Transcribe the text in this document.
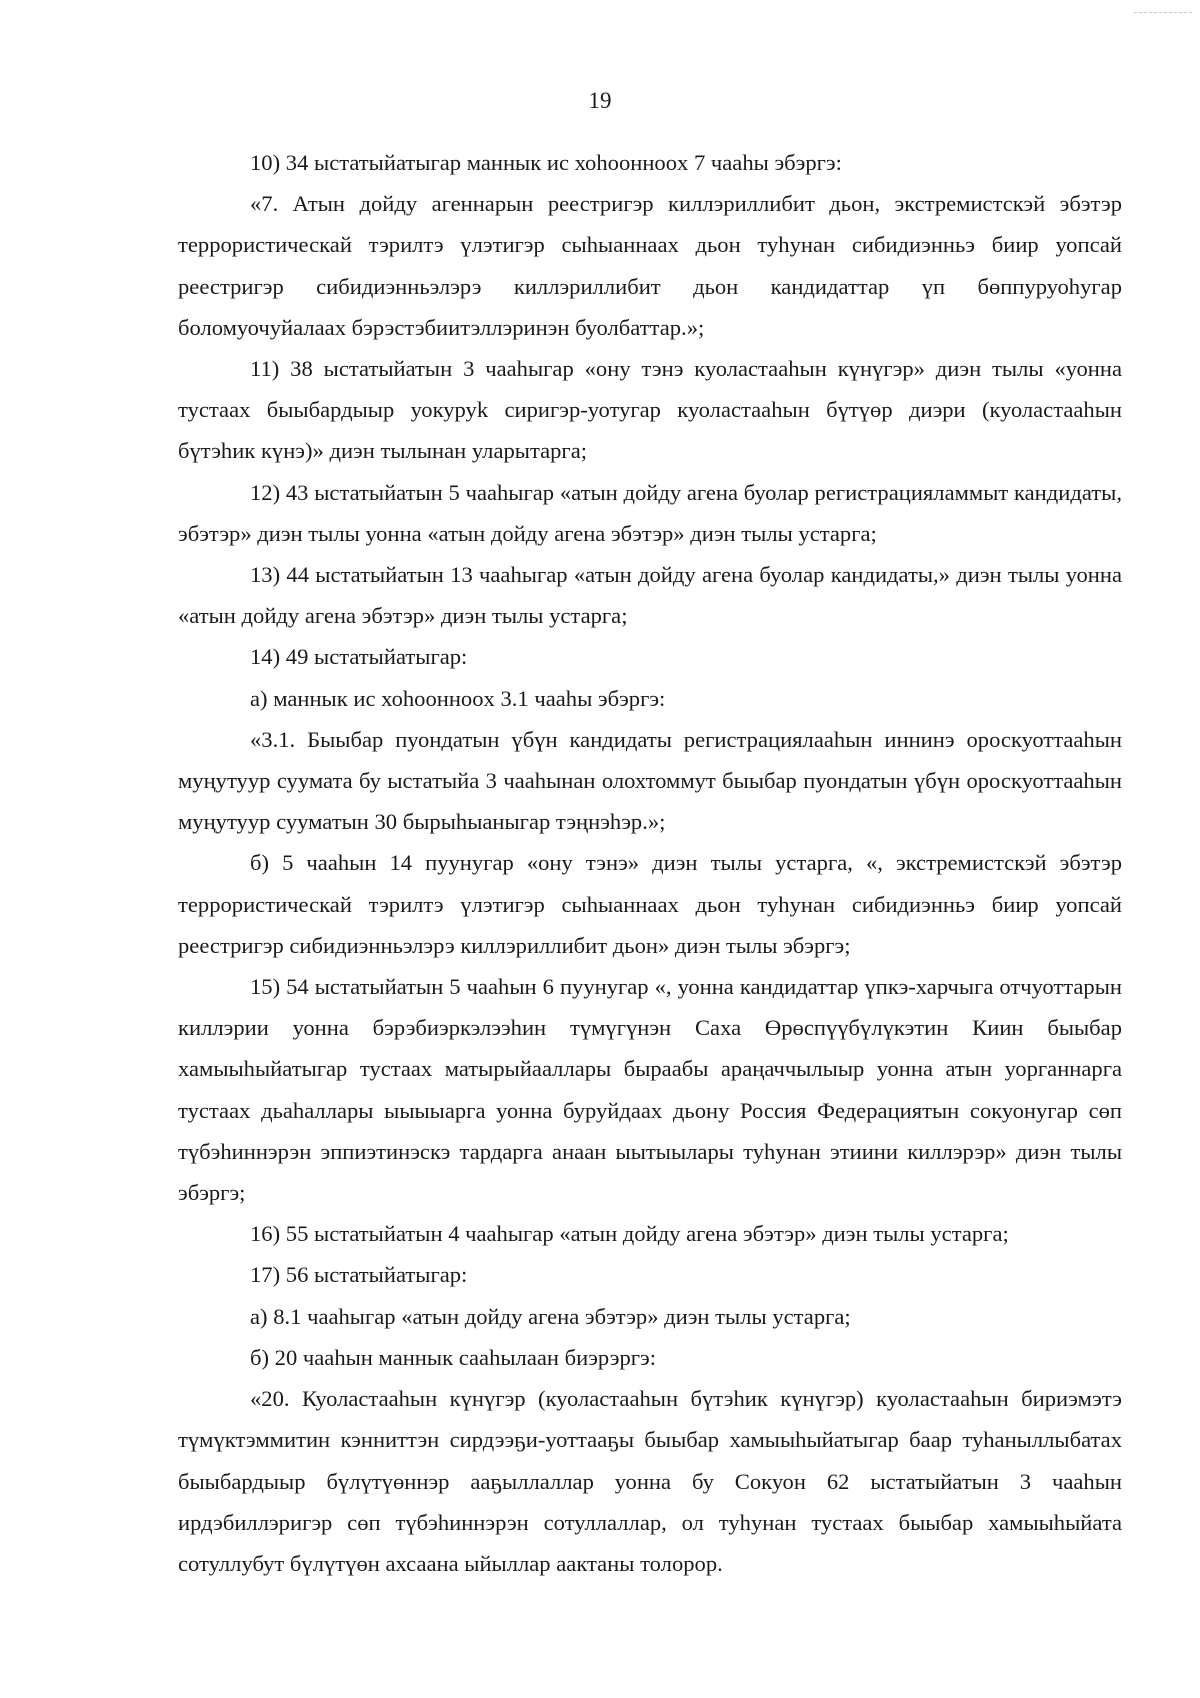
19

10) 34 ыстатыйатыгар маннык ис хоһооннoox 7 чааһы эбэргэ:

«7. Атын дойду агеннарын реестригэр киллэриллибит дьон, экстремистскэй эбэтэр террористическай тэрилтэ үлэтигэр сыһыаннаах дьон туһунан сибидиэнньэ биир уопсай реестригэр сибидиэнньэлэрэ киллэриллибит дьон кандидаттар үп бөппуруоһугар боломуочуйалаах бэрэстэбиитэллэринэн буолбаттар.»;

11) 38 ыстатыйатын 3 чааһыгар «ону тэнэ куоластааһын күнүгэр» диэн тылы «уонна тустаах быыбардыыр уокуруk сиригэр-уотугар куоластааһын бүтүөр диэри (куоластааһын бүтэһик күнэ)» диэн тылынан уларытарга;

12) 43 ыстатыйатын 5 чааһыгар «атын дойду агена буолар регистрацияламмыт кандидаты, эбэтэр» диэн тылы уонна «атын дойду агена эбэтэр» диэн тылы устарга;

13) 44 ыстатыйатын 13 чааһыгар «атын дойду агена буолар кандидаты,» диэн тылы уонна «атын дойду агена эбэтэр» диэн тылы устарга;

14) 49 ыстатыйатыгар:

а) маннык ис хоһооннoox 3.1 чааһы эбэргэ:

«3.1. Быыбар пуондатын үбүн кандидаты регистрациялааһын иннинэ ороскуоттааһын муңутуур суумата бу ыстатыйа 3 чааһынан олохтоммут быыбар пуондатын үбүн ороскуоттааһын муңутуур сууматын 30 бырыһыаныгар тэңнэһэр.»;

б) 5 чааһын 14 пуунугар «ону тэнэ» диэн тылы устарга, «, экстремистскэй эбэтэр террористическай тэрилтэ үлэтигэр сыһыаннаах дьон туһунан сибидиэнньэ биир уопсай реестригэр сибидиэнньэлэрэ киллэриллибит дьон» диэн тылы эбэргэ;

15) 54 ыстатыйатын 5 чааһын 6 пуунугар «, уонна кандидаттар үпкэ-харчыга отчуоттарын киллэрии уонна бэрэбиэркэлээһин түмүгүнэн Саха Өрөспүүбүлүкэтин Киин быыбар хамыыһыйатыгар тустаах матырыйааллары быраабы араңаччылыыр уонна атын уорганнарга тустаах дьаһаллары ыыыыарга уонна буруйдаах дьону Россия Федерациятын сокуонугар сөп түбэһиннэрэн эппиэтинэскэ тардарга анаан ыытыылары туһунан этиини киллэрэр» диэн тылы эбэргэ;

16) 55 ыстатыйатын 4 чааһыгар «атын дойду агена эбэтэр» диэн тылы устарга;

17) 56 ыстатыйатыгар:

а) 8.1 чааһыгар «атын дойду агена эбэтэр» диэн тылы устарга;

б) 20 чааһын маннык сааһылаан биэрэргэ:

«20. Куоластааһын күнүгэр (куоластааһын бүтэһик күнүгэр) куоластааһын бириэмэтэ түмүктэммитин кэнниттэн сирдээҕи-уоттааҕы быыбар хамыыһыйатыгар баар туһаныллыбатах быыбардыыр бүлүтүөннэр ааҕыллаллар уонна бу Сокуон 62 ыстатыйатын 3 чааһын ирдэбиллэригэр сөп түбэһиннэрэн сотуллаллар, ол туһунан тустаах быыбар хамыыһыйата сотуллубут бүлүтүөн ахсаана ыйыллар аактаны толорор.
